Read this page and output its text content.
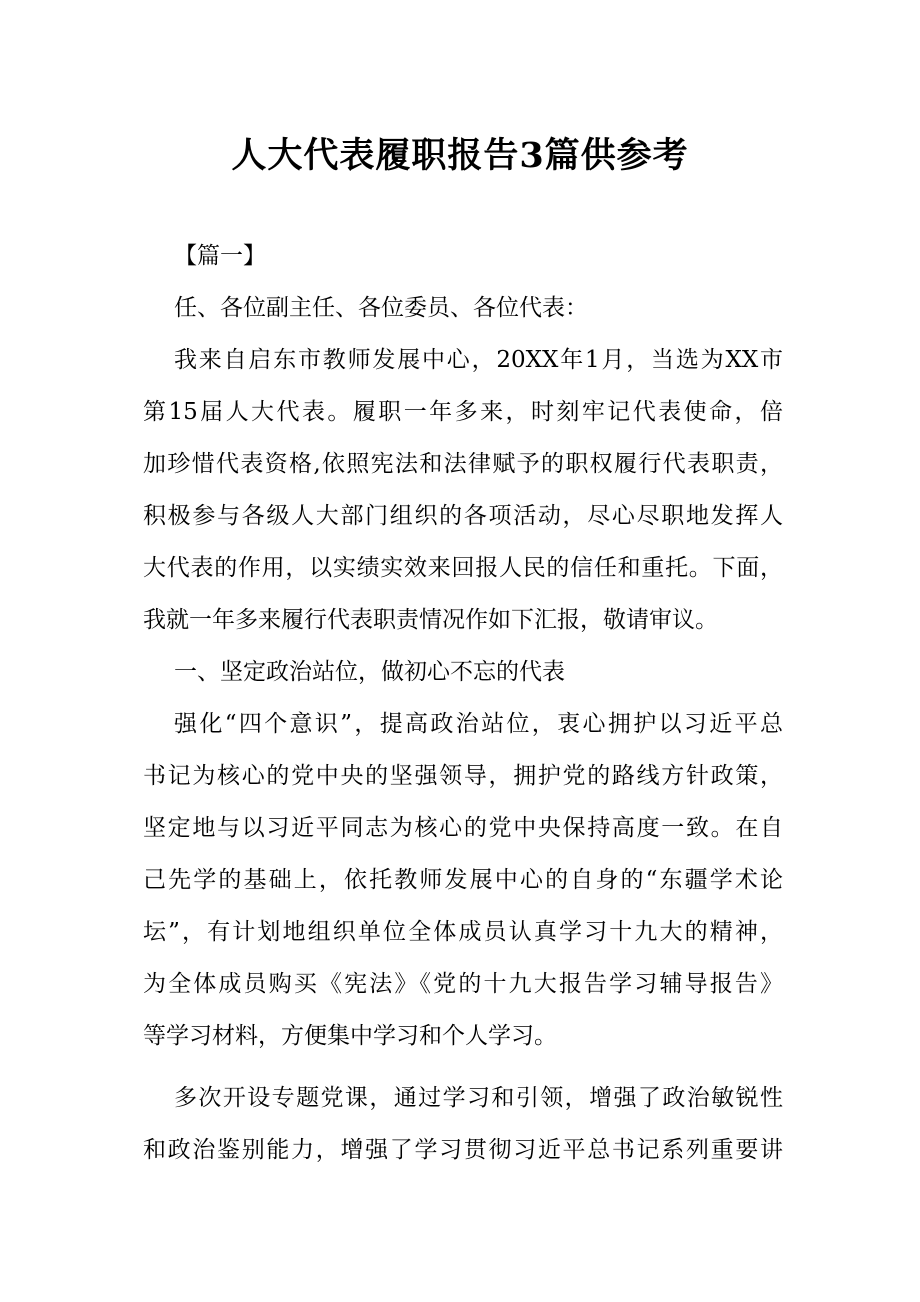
人大代表履职报告3篇供参考

【篇一】

任、各位副主任、各位委员、各位代表：
我来自启东市教师发展中心，20XX年1月，当选为XX市
第15届人大代表。履职一年多来，时刻牢记代表使命，倍
加珍惜代表资格,依照宪法和法律赋予的职权履行代表职责，
积极参与各级人大部门组织的各项活动，尽心尽职地发挥人
大代表的作用，以实绩实效来回报人民的信任和重托。下面，
我就一年多来履行代表职责情况作如下汇报，敬请审议。
一、坚定政治站位，做初心不忘的代表
强化“四个意识”，提高政治站位，衷心拥护以习近平总
书记为核心的党中央的坚强领导，拥护党的路线方针政策，
坚定地与以习近平同志为核心的党中央保持高度一致。在自
己先学的基础上，依托教师发展中心的自身的“东疆学术论
坛”，有计划地组织单位全体成员认真学习十九大的精神，
为全体成员购买《宪法》《党的十九大报告学习辅导报告》
等学习材料，方便集中学习和个人学习。
多次开设专题党课，通过学习和引领，增强了政治敏锐性
和政治鉴别能力，增强了学习贯彻习近平总书记系列重要讲
